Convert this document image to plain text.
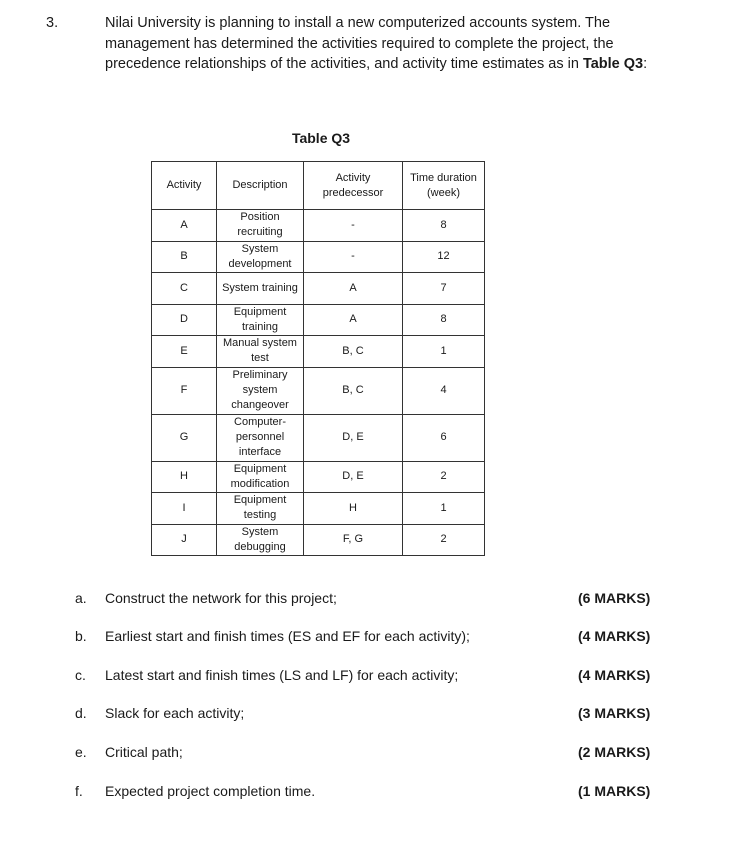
3.	Nilai University is planning to install a new computerized accounts system. The management has determined the activities required to complete the project, the precedence relationships of the activities, and activity time estimates as in Table Q3:
Table Q3
Activity	Description	Activity predecessor	Time duration (week)
A	Position recruiting	-	8
B	System development	-	12
C	System training	A	7
D	Equipment training	A	8
E	Manual system test	B, C	1
F	Preliminary system changeover	B, C	4
G	Computer-personnel interface	D, E	6
H	Equipment modification	D, E	2
I	Equipment testing	H	1
J	System debugging	F, G	2
a. Construct the network for this project;	(6 MARKS)
b. Earliest start and finish times (ES and EF for each activity);	(4 MARKS)
c. Latest start and finish times (LS and LF) for each activity;	(4 MARKS)
d. Slack for each activity;	(3 MARKS)
e. Critical path;	(2 MARKS)
f. Expected project completion time.	(1 MARKS)
